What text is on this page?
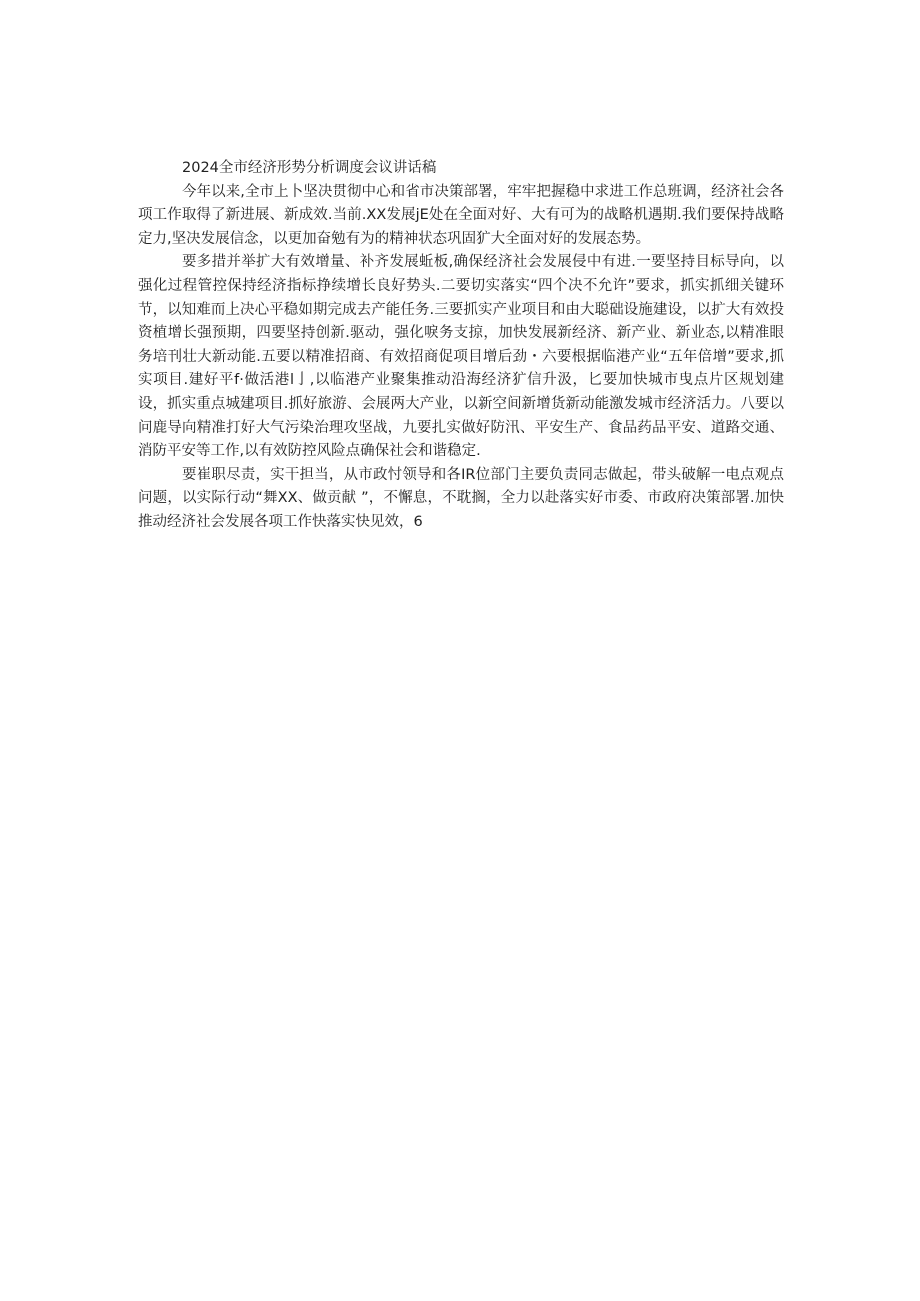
2024全市经济形势分析调度会议讲话稿

今年以来,全市上卜坚决贯彻中心和省市决策部署，牢牢把握稳中求进工作总班调，经济社会各项工作取得了新进展、新成效.当前.XX发展jE处在全面对好、大有可为的战略机遇期.我们要保持战略定力,坚决发展信念，以更加奋勉有为的精神状态巩固犷大全面对好的发展态势。

要多措并举扩大有效增量、补齐发展蚯板,确保经济社会发展侵中有进.一要坚持目标导向，以强化过程管控保持经济指标挣续增长良好势头.二要切实落实“四个决不允许”要求，抓实抓细关键环节，以知难而上决心平稳如期完成去产能任务.三要抓实产业项目和由大聪础设施建设，以扩大有效投资植增长强预期，四要坚持创新.驱动，强化唳务支掠，加快发展新经济、新产业、新业态,以精准眼务培刊壮大新动能.五要以精准招商、有效招商促项目增后劲・六要根据临港产业“五年倍增”要求,抓实项目.建好平f·做活港l亅,以临港产业聚集推动沿海经济犷信升汲，匕要加快城市曳点片区规划建设，抓实重点城建项目.抓好旅游、会展两大产业，以新空间新增货新动能激发城市经济活力。八要以问鹿导向精准打好大气污染治理攻坚战，九要扎实做好防汛、平安生产、食品药品平安、道路交通、消防平安等工作,以有效防控风险点确保社会和谐稳定.

要崔职尽责，实干担当，从市政忖领导和各IR位部门主要负责同志做起，带头破解一电点观点问题，以实际行动“舞XX、做贡献 ”，不懈息，不耽搁，全力以赴落实好市委、市政府决策部署.加快推动经济社会发展各项工作快落实快见效，6
